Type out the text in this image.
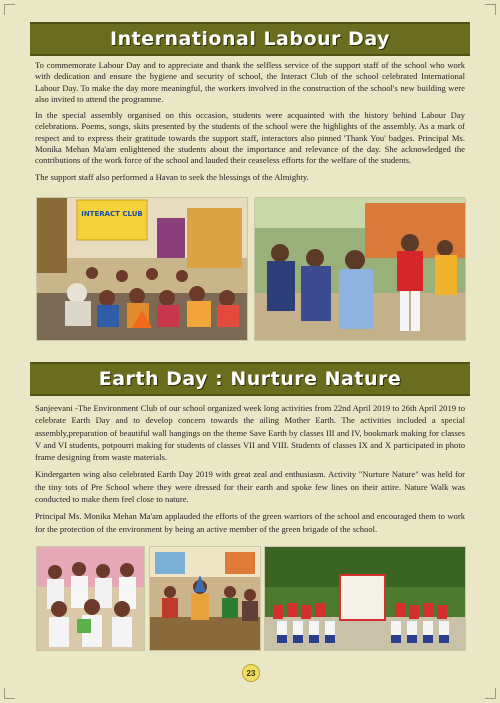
International Labour Day

To commemorate Labour Day and to appreciate and thank the selfless service of the support staff of the school who work with dedication and ensure the hygiene and security of school, the Interact Club of the school celebrated International Labour Day. To make the day more meaningful, the workers involved in the construction of the school's new building were also invited to attend the programme.

In the special assembly organised on this occasion, students were acquainted with the history behind Labour Day celebrations. Poems, songs, skits presented by the students of the school were the highlights of the assembly. As a mark of respect and to express their gratitude towards the support staff, interactors also pinned 'Thank You' badges. Principal Ms. Monika Mehan Ma'am enlightened the students about the importance and relevance of the day. She acknowledged the contributions of the work force of the school and lauded their ceaseless efforts for the welfare of the students.

The support staff also performed a Havan to seek the blessings of the Almighty.

INTERACT CLUB
Earth Day : Nurture Nature

Sanjeevani -The Environment Club of our school organized week long activities from 22nd April 2019 to 26th April 2019 to celebrate Earth Day and to develop concern towards the ailing Mother Earth. The activities included a special assembly,preparation of beautiful wall hangings on the theme Save Earth by classes III and IV, bookmark making for classes V and VI students, potpourri making for students of classes VII and VIII. Students of classes IX and X participated in photo frame designing from waste materials.

Kindergarten wing also celebrated Earth Day 2019 with great zeal and enthusiasm. Activity "Nurture Nature" was held for the tiny tots of Pre School where they were dressed for their earth and spoke few lines on their attire. Nature Walk was conducted to make them feel close to nature.

Principal Ms. Monika Mehan Ma'am applauded the efforts of the green warriors of the school and encouraged them to work for the protection of the environment by being an active member of the green brigade of the school.

23
